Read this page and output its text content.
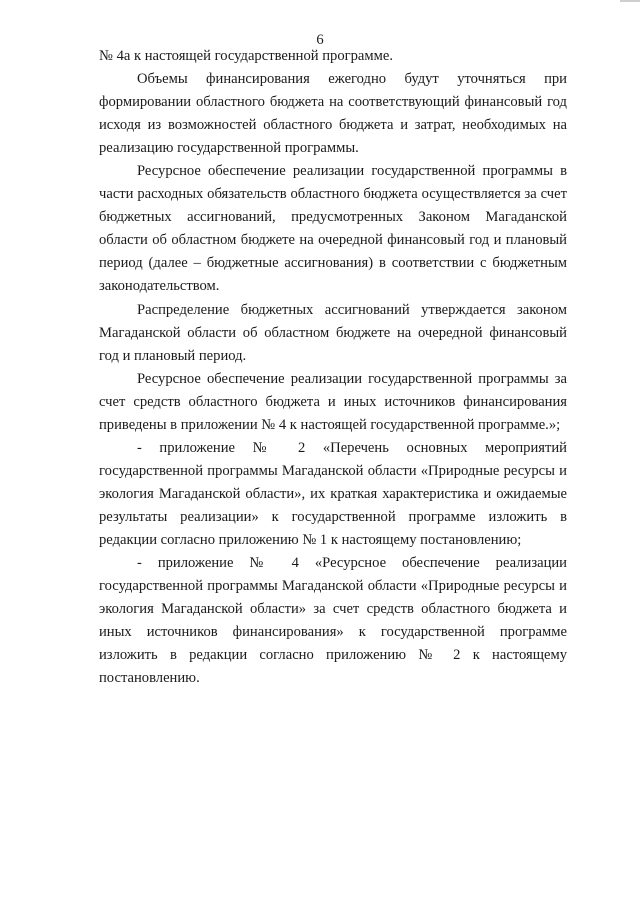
6

№ 4а к настоящей государственной программе.

Объемы финансирования ежегодно будут уточняться при формировании областного бюджета на соответствующий финансовый год исходя из возможностей областного бюджета и затрат, необходимых на реализацию государственной программы.

Ресурсное обеспечение реализации государственной программы в части расходных обязательств областного бюджета осуществляется за счет бюджетных ассигнований, предусмотренных Законом Магаданской области об областном бюджете на очередной финансовый год и плановый период (далее – бюджетные ассигнования) в соответствии с бюджетным законодательством.

Распределение бюджетных ассигнований утверждается законом Магаданской области об областном бюджете на очередной финансовый год и плановый период.

Ресурсное обеспечение реализации государственной программы за счет средств областного бюджета и иных источников финансирования приведены в приложении № 4 к настоящей государственной программе.»;

- приложение № 2 «Перечень основных мероприятий государственной программы Магаданской области «Природные ресурсы и экология Магаданской области», их краткая характеристика и ожидаемые результаты реализации» к государственной программе изложить в редакции согласно приложению № 1 к настоящему постановлению;

- приложение № 4 «Ресурсное обеспечение реализации государственной программы Магаданской области «Природные ресурсы и экология Магаданской области» за счет средств областного бюджета и иных источников финансирования» к государственной программе изложить в редакции согласно приложению № 2 к настоящему постановлению.
